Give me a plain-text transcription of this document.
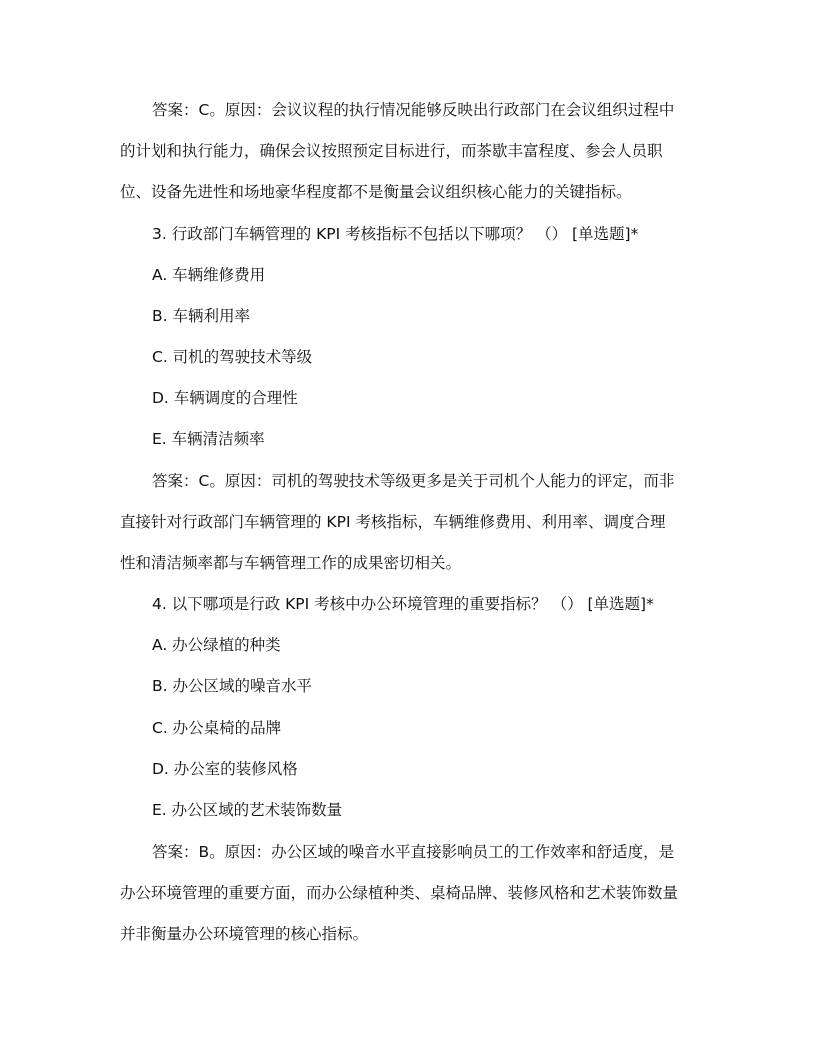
答案：C。原因：会议议程的执行情况能够反映出行政部门在会议组织过程中
的计划和执行能力，确保会议按照预定目标进行，而茶歇丰富程度、参会人员职
位、设备先进性和场地豪华程度都不是衡量会议组织核心能力的关键指标。
3. 行政部门车辆管理的 KPI 考核指标不包括以下哪项？ （） [单选题]*
A. 车辆维修费用
B. 车辆利用率
C. 司机的驾驶技术等级
D. 车辆调度的合理性
E. 车辆清洁频率
答案：C。原因：司机的驾驶技术等级更多是关于司机个人能力的评定，而非
直接针对行政部门车辆管理的 KPI 考核指标，车辆维修费用、利用率、调度合理
性和清洁频率都与车辆管理工作的成果密切相关。
4. 以下哪项是行政 KPI 考核中办公环境管理的重要指标？ （） [单选题]*
A. 办公绿植的种类
B. 办公区域的噪音水平
C. 办公桌椅的品牌
D. 办公室的装修风格
E. 办公区域的艺术装饰数量
答案：B。原因：办公区域的噪音水平直接影响员工的工作效率和舒适度，是
办公环境管理的重要方面，而办公绿植种类、桌椅品牌、装修风格和艺术装饰数量
并非衡量办公环境管理的核心指标。
